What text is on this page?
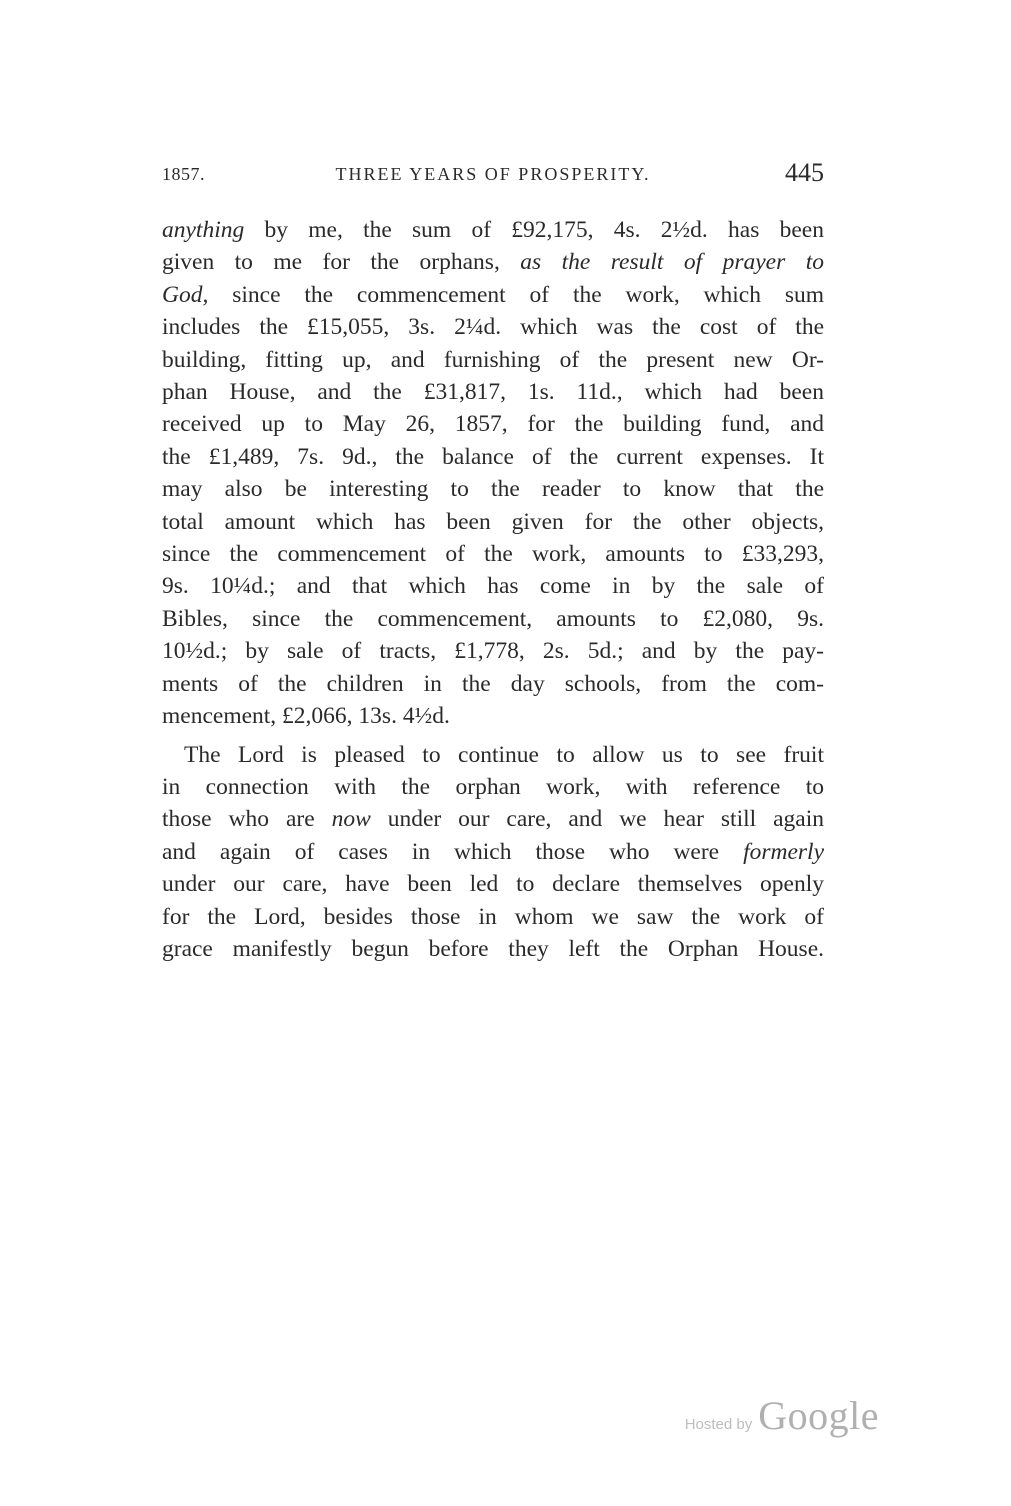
1857.	THREE YEARS OF PROSPERITY.	445

anything by me, the sum of £92,175, 4s. 2½d. has been
given to me for the orphans, as the result of prayer to
God, since the commencement of the work, which sum
includes the £15,055, 3s. 2¼d. which was the cost of the
building, fitting up, and furnishing of the present new Or-
phan House, and the £31,817, 1s. 11d., which had been
received up to May 26, 1857, for the building fund, and
the £1,489, 7s. 9d., the balance of the current expenses. It
may also be interesting to the reader to know that the
total amount which has been given for the other objects,
since the commencement of the work, amounts to £33,293,
9s. 10¼d.; and that which has come in by the sale of
Bibles, since the commencement, amounts to £2,080, 9s.
10½d.; by sale of tracts, £1,778, 2s. 5d.; and by the pay-
ments of the children in the day schools, from the com-
mencement, £2,066, 13s. 4½d.

The Lord is pleased to continue to allow us to see fruit
in connection with the orphan work, with reference to
those who are now under our care, and we hear still again
and again of cases in which those who were formerly
under our care, have been led to declare themselves openly
for the Lord, besides those in whom we saw the work of
grace manifestly begun before they left the Orphan House.

Hosted by Google
